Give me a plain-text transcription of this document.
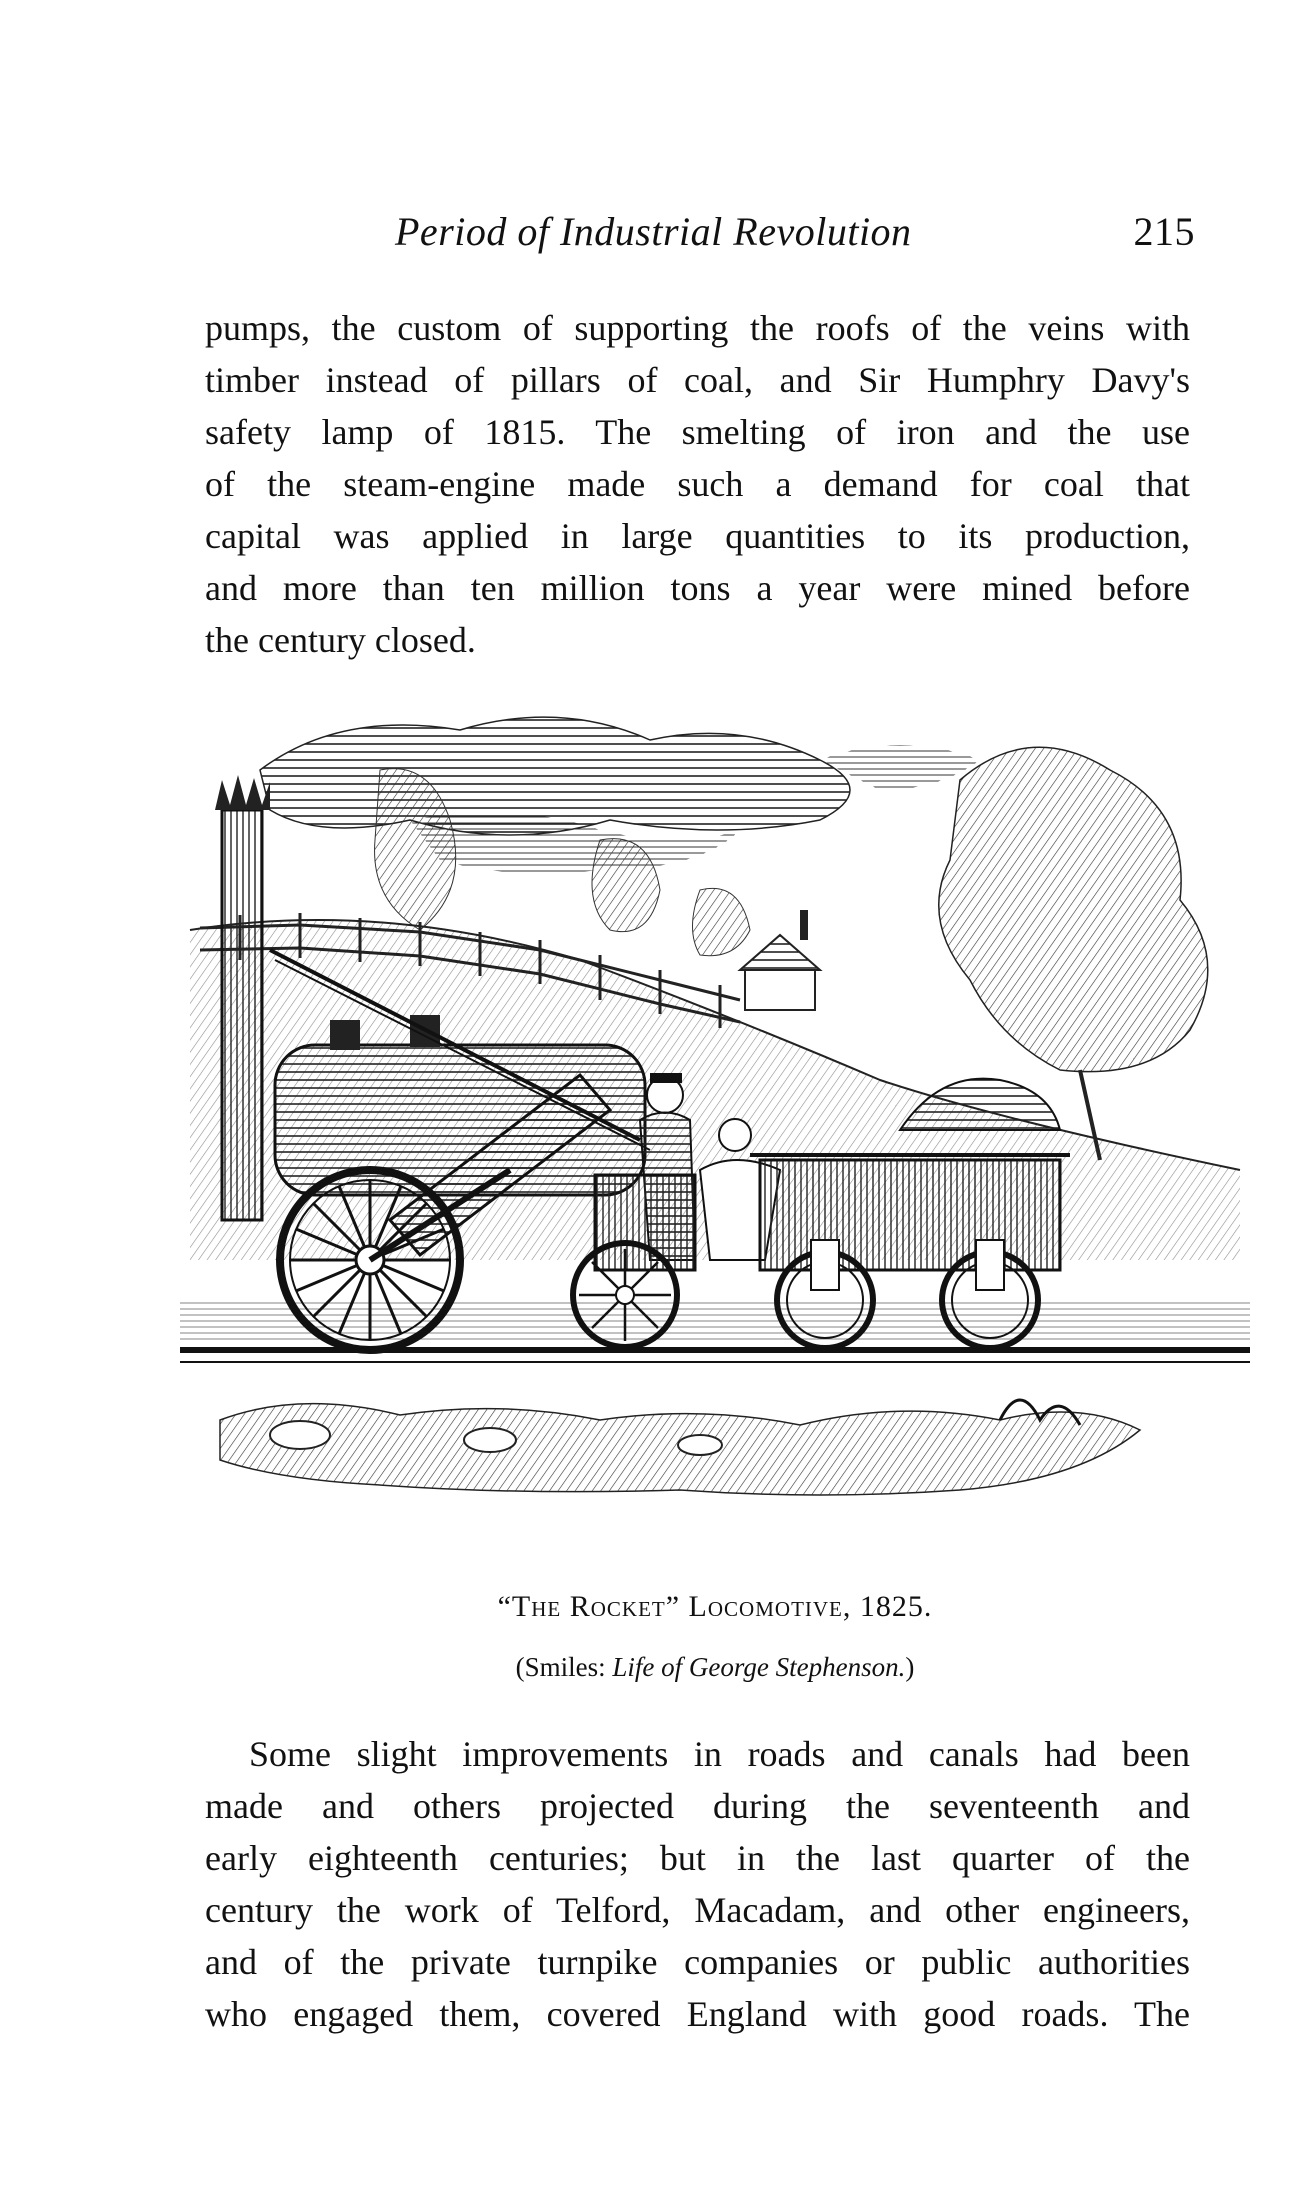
Period of Industrial Revolution	215
pumps, the custom of supporting the roofs of the veins with
timber instead of pillars of coal, and Sir Humphry Davy's
safety lamp of 1815. The smelting of iron and the use
of the steam-engine made such a demand for coal that
capital was applied in large quantities to its production,
and more than ten million tons a year were mined before
the century closed.
“The Rocket” Locomotive, 1825.
(Smiles: Life of George Stephenson.)
Some slight improvements in roads and canals had been
made and others projected during the seventeenth and
early eighteenth centuries; but in the last quarter of the
century the work of Telford, Macadam, and other engineers,
and of the private turnpike companies or public authorities
who engaged them, covered England with good roads. The
